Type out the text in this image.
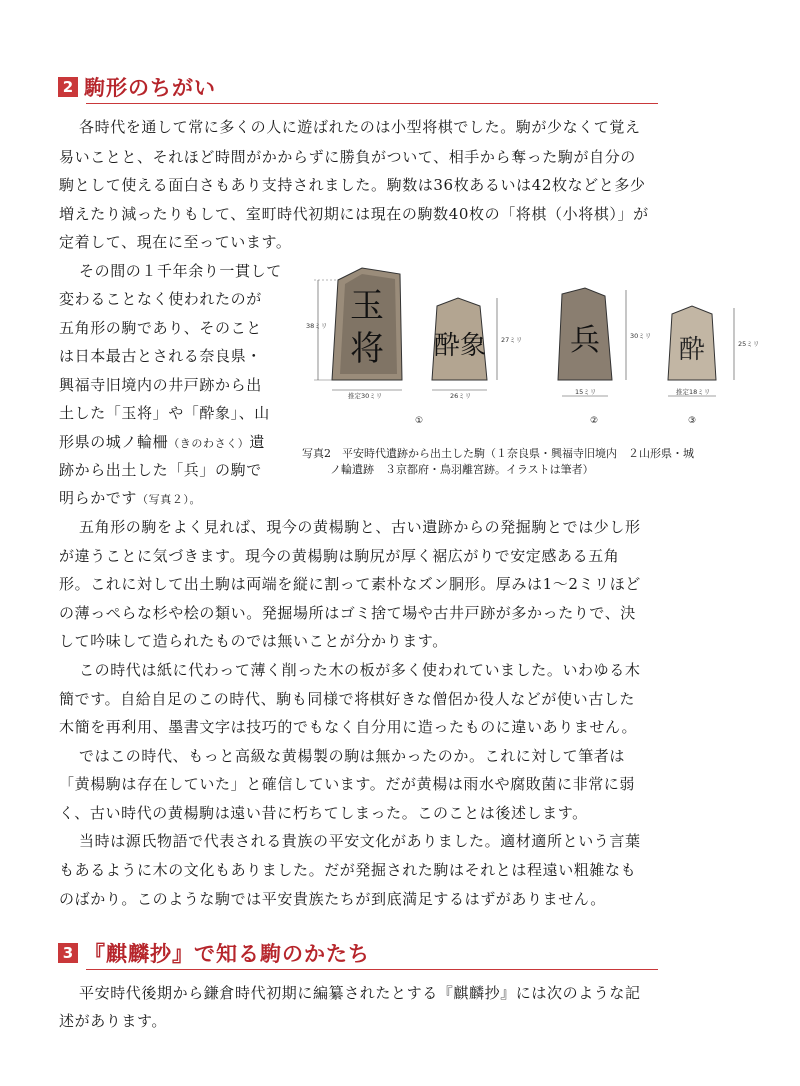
2 駒形のちがい
各時代を通して常に多くの人に遊ばれたのは小型将棋でした。駒が少なくて覚え
易いことと、それほど時間がかからずに勝負がついて、相手から奪った駒が自分の
駒として使える面白さもあり支持されました。駒数は36枚あるいは42枚などと多少
増えたり減ったりもして、室町時代初期には現在の駒数40枚の「将棋（小将棋）」が
定着して、現在に至っています。
その間の１千年余り一貫して
変わることなく使われたのが
五角形の駒であり、そのこと
は日本最古とされる奈良県・
興福寺旧境内の井戸跡から出
土した「玉将」や「酔象」、山
形県の城ノ輪柵（きのわさく）遺
跡から出土した「兵」の駒で
明らかです（写真２）。
玉
将
38ミリ
推定30ミリ
酔象 27ミリ
26ミリ
①
兵	30ミリ
15ミリ
②
酔	25ミリ
推定18ミリ
③
写真2　平安時代遺跡から出土した駒（１奈良県・興福寺旧境内　２山形県・城
ノ輪遺跡　３京都府・鳥羽離宮跡。イラストは筆者）
五角形の駒をよく見れば、現今の黄楊駒と、古い遺跡からの発掘駒とでは少し形
が違うことに気づきます。現今の黄楊駒は駒尻が厚く裾広がりで安定感ある五角
形。これに対して出土駒は両端を縦に割って素朴なズン胴形。厚みは1〜2ミリほど
の薄っぺらな杉や桧の類い。発掘場所はゴミ捨て場や古井戸跡が多かったりで、決
して吟味して造られたものでは無いことが分かります。
この時代は紙に代わって薄く削った木の板が多く使われていました。いわゆる木
簡です。自給自足のこの時代、駒も同様で将棋好きな僧侶か役人などが使い古した
木簡を再利用、墨書文字は技巧的でもなく自分用に造ったものに違いありません。
ではこの時代、もっと高級な黄楊製の駒は無かったのか。これに対して筆者は
「黄楊駒は存在していた」と確信しています。だが黄楊は雨水や腐敗菌に非常に弱
く、古い時代の黄楊駒は遠い昔に朽ちてしまった。このことは後述します。
当時は源氏物語で代表される貴族の平安文化がありました。適材適所という言葉
もあるように木の文化もありました。だが発掘された駒はそれとは程遠い粗雑なも
のばかり。このような駒では平安貴族たちが到底満足するはずがありません。
3 『麒麟抄』で知る駒のかたち
平安時代後期から鎌倉時代初期に編纂されたとする『麒麟抄』には次のような記
述があります。
